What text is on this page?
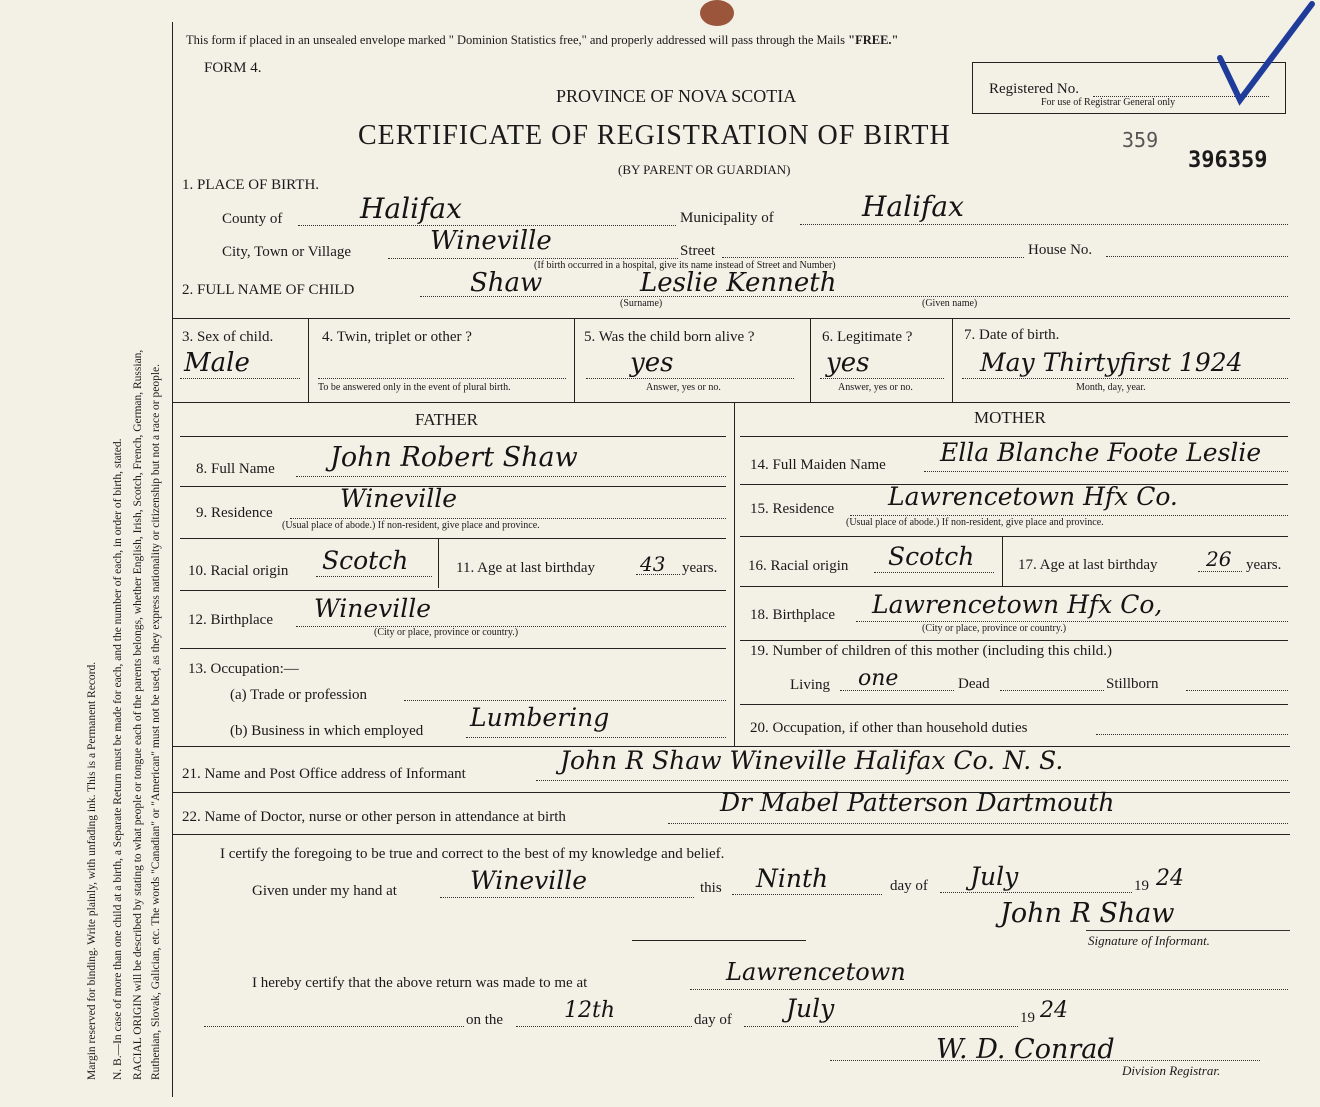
Margin reserved for binding. Write plainly, with unfading ink. This is a Permanent Record. N. B.—In case of more than one child at a birth, a Separate Return must be made for each, and the number of each, in order of birth, stated. RACIAL ORIGIN will be described by stating to what people or tongue each of the parents belongs, whether English, Irish, Scotch, French, German, Russian, Ruthenian, Slovak, Galician, etc. The words "Canadian" or "American" must not be used, as they express nationality or citizenship but not a race or people.
This form if placed in an unsealed envelope marked " Dominion Statistics free," and properly addressed will pass through the Mails "FREE."
FORM 4.
PROVINCE OF NOVA SCOTIA
CERTIFICATE OF REGISTRATION OF BIRTH
(BY PARENT OR GUARDIAN)
Registered No.
For use of Registrar General only
359
396359
1. PLACE OF BIRTH.
County of	Halifax	Municipality of	Halifax
City, Town or Village	Wineville	Street	House No.
(If birth occurred in a hospital, give its name instead of Street and Number)
2. FULL NAME OF CHILD	Shaw	Leslie Kenneth
(Surname)	(Given name)
3. Sex of child.
Male
4. Twin, triplet or other ?
To be answered only in the event of plural birth.
5. Was the child born alive ?
yes
Answer, yes or no.
6. Legitimate ?
yes
Answer, yes or no.
7. Date of birth.
May Thirtyfirst 1924
Month, day, year.
FATHER
8. Full Name John Robert Shaw
9. Residence	Wineville
(Usual place of abode.) If non-resident, give place and province.
10. Racial origin Scotch	11. Age at last birthday 43 years.
12. Birthplace Wineville
(City or place, province or country.)
13. Occupation:—
(a) Trade or profession
(b) Business in which employed Lumbering
MOTHER
14. Full Maiden Name Ella Blanche Foote Leslie
15. Residence Lawrencetown Hfx Co.
(Usual place of abode.) If non-resident, give place and province.
16. Racial origin Scotch	17. Age at last birthday 26 years.
18. Birthplace Lawrencetown Hfx Co,
(City or place, province or country.)
19. Number of children of this mother (including this child.)
Living one	Dead	Stillborn
20. Occupation, if other than household duties
21. Name and Post Office address of Informant	John R Shaw Wineville Halifax Co. N. S.
22. Name of Doctor, nurse or other person in attendance at birth	Dr Mabel Patterson Dartmouth
I certify the foregoing to be true and correct to the best of my knowledge and belief.
Given under my hand at	Wineville	this Ninth	day of July	19 24
John R Shaw
Signature of Informant.
I hereby certify that the above return was made to me at	Lawrencetown
on the	12th	day of July	19 24
W. D. Conrad
Division Registrar.
